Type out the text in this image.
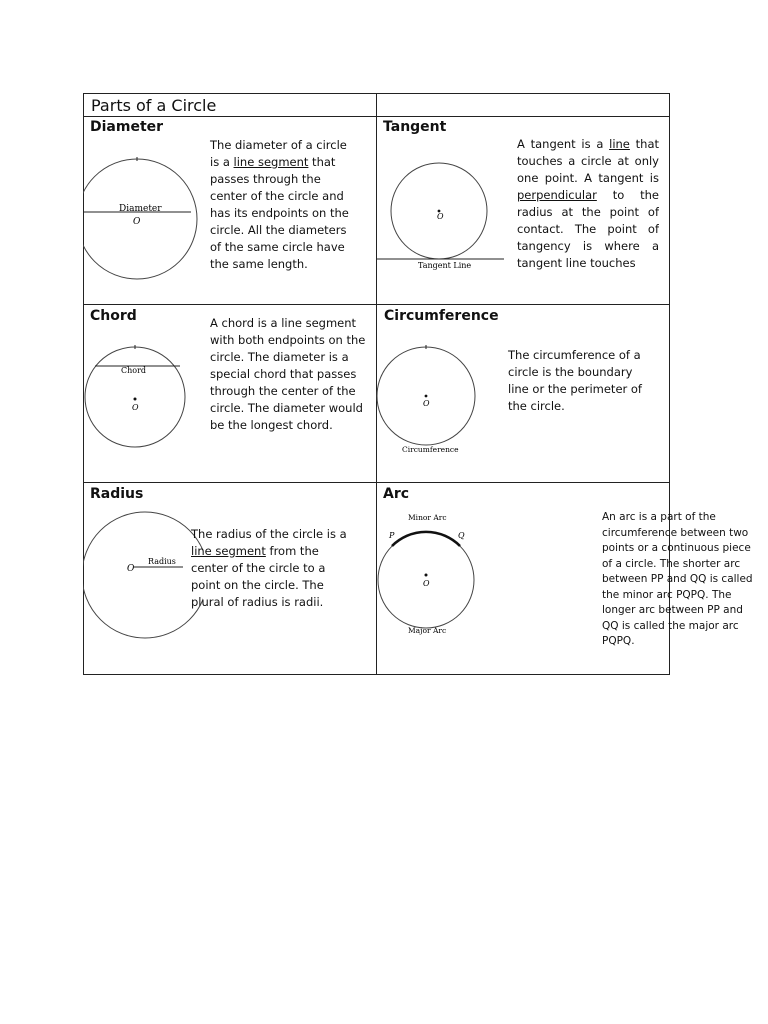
Parts of a Circle
Diameter
Diameter
O
The diameter of a circle is a line segment that passes through the center of the circle and has its endpoints on the circle. All the diameters of the same circle have the same length.
Tangent
O
Tangent Line
A tangent is a line that touches a circle at only one point. A tangent is perpendicular to the radius at the point of contact. The point of tangency is where a tangent line touches
Chord
Chord
O
A chord is a line segment with both endpoints on the circle. The diameter is a special chord that passes through the center of the circle. The diameter would be the longest chord.
Circumference
O
Circumference
The circumference of a circle is the boundary line or the perimeter of the circle.
Radius
Radius
O
The radius of the circle is a line segment from the center of the circle to a point on the circle. The plural of radius is radii.
Arc
Minor Arc
P	Q
O
Major Arc
An arc is a part of the circumference between two points or a continuous piece of a circle. The shorter arc between PP and QQ is called the minor arc PQPQ. The longer arc between PP and QQ is called the major arc PQPQ.
